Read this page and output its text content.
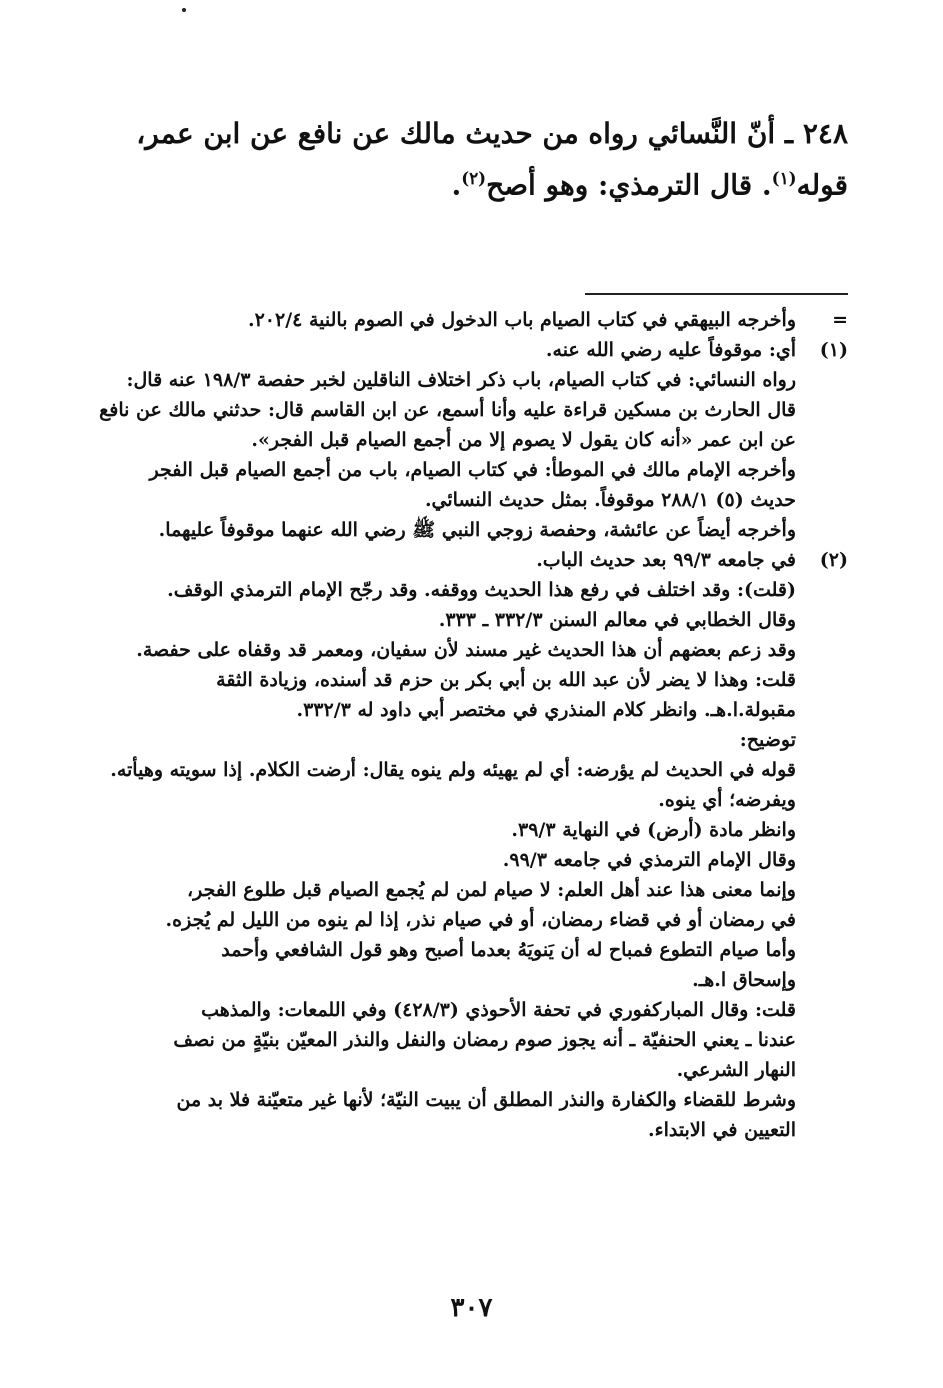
٢٤٨ ـ أنّ النَّسائي رواه من حديث مالك عن نافع عن ابن عمر،

قوله$^{(١)}$. قال الترمذي: وهو أصح$^{(٢)}$.

=

وأخرجه البيهقي في كتاب الصيام باب الدخول في الصوم بالنية ٢٠٢/٤.

(١)

أي: موقوفاً عليه رضي الله عنه.

رواه النسائي: في كتاب الصيام، باب ذكر اختلاف الناقلين لخبر حفصة ١٩٨/٣ عنه قال:

قال الحارث بن مسكين قراءة عليه وأنا أسمع، عن ابن القاسم قال: حدثني مالك عن نافع

عن ابن عمر «أنه كان يقول لا يصوم إلا من أجمع الصيام قبل الفجر».

وأخرجه الإمام مالك في الموطأ: في كتاب الصيام، باب من أجمع الصيام قبل الفجر

حديث (٥) ٢٨٨/١ موقوفاً. بمثل حديث النسائي.

وأخرجه أيضاً عن عائشة، وحفصة زوجي النبي ﷺ رضي الله عنهما موقوفاً عليهما.

(٢)

في جامعه ٩٩/٣ بعد حديث الباب.

(قلت): وقد اختلف في رفع هذا الحديث ووقفه. وقد رجّح الإمام الترمذي الوقف.

وقال الخطابي في معالم السنن ٣٣٢/٣ ـ ٣٣٣.

وقد زعم بعضهم أن هذا الحديث غير مسند لأن سفيان، ومعمر قد وقفاه على حفصة.

قلت: وهذا لا يضر لأن عبد الله بن أبي بكر بن حزم قد أسنده، وزيادة الثقة

مقبولة.ا.هـ. وانظر كلام المنذري في مختصر أبي داود له ٣٣٢/٣.

توضيح:

قوله في الحديث لم يؤرضه: أي لم يهيئه ولم ينوه يقال: أرضت الكلام. إذا سويته وهيأته.

ويفرضه؛ أي ينوه.

وانظر مادة (أرض) في النهاية ٣٩/٣.

وقال الإمام الترمذي في جامعه ٩٩/٣.

وإنما معنى هذا عند أهل العلم: لا صيام لمن لم يُجمع الصيام قبل طلوع الفجر،

في رمضان أو في قضاء رمضان، أو في صيام نذر، إذا لم ينوه من الليل لم يُجزه.

وأما صيام التطوع فمباح له أن يَنويَهُ بعدما أصبح وهو قول الشافعي وأحمد

وإسحاق ا.هـ.

قلت: وقال المباركفوري في تحفة الأحوذي (٤٢٨/٣) وفي اللمعات: والمذهب

عندنا ـ يعني الحنفيّة ـ أنه يجوز صوم رمضان والنفل والنذر المعيّن بنيّةٍ من نصف

النهار الشرعي.

وشرط للقضاء والكفارة والنذر المطلق أن يبيت النيّة؛ لأنها غير متعيّنة فلا بد من

التعيين في الابتداء.

٣٠٧
